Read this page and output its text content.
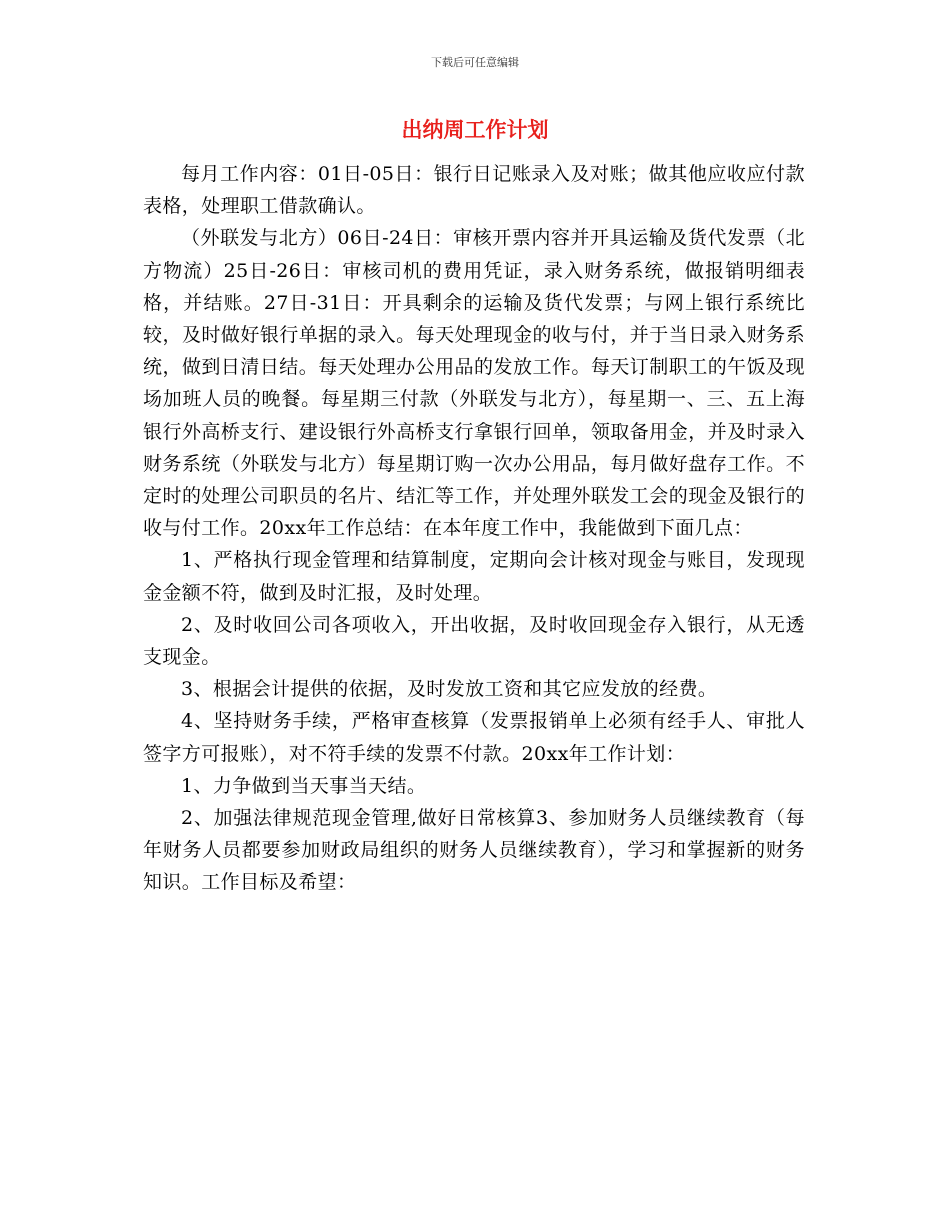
下载后可任意编辑
出纳周工作计划

每月工作内容：01日-05日：银行日记账录入及对账；做其他应收应付款表格，处理职工借款确认。

（外联发与北方）06日-24日：审核开票内容并开具运输及货代发票（北方物流）25日-26日：审核司机的费用凭证，录入财务系统，做报销明细表格，并结账。27日-31日：开具剩余的运输及货代发票；与网上银行系统比较，及时做好银行单据的录入。每天处理现金的收与付，并于当日录入财务系统，做到日清日结。每天处理办公用品的发放工作。每天订制职工的午饭及现场加班人员的晚餐。每星期三付款（外联发与北方），每星期一、三、五上海银行外高桥支行、建设银行外高桥支行拿银行回单，领取备用金，并及时录入财务系统（外联发与北方）每星期订购一次办公用品，每月做好盘存工作。不定时的处理公司职员的名片、结汇等工作，并处理外联发工会的现金及银行的收与付工作。20xx年工作总结：在本年度工作中，我能做到下面几点：

1、严格执行现金管理和结算制度，定期向会计核对现金与账目，发现现金金额不符，做到及时汇报，及时处理。

2、及时收回公司各项收入，开出收据，及时收回现金存入银行，从无透支现金。

3、根据会计提供的依据，及时发放工资和其它应发放的经费。

4、坚持财务手续，严格审查核算（发票报销单上必须有经手人、审批人签字方可报账），对不符手续的发票不付款。20xx年工作计划：

1、力争做到当天事当天结。

2、加强法律规范现金管理,做好日常核算3、参加财务人员继续教育（每年财务人员都要参加财政局组织的财务人员继续教育），学习和掌握新的财务知识。工作目标及希望：
